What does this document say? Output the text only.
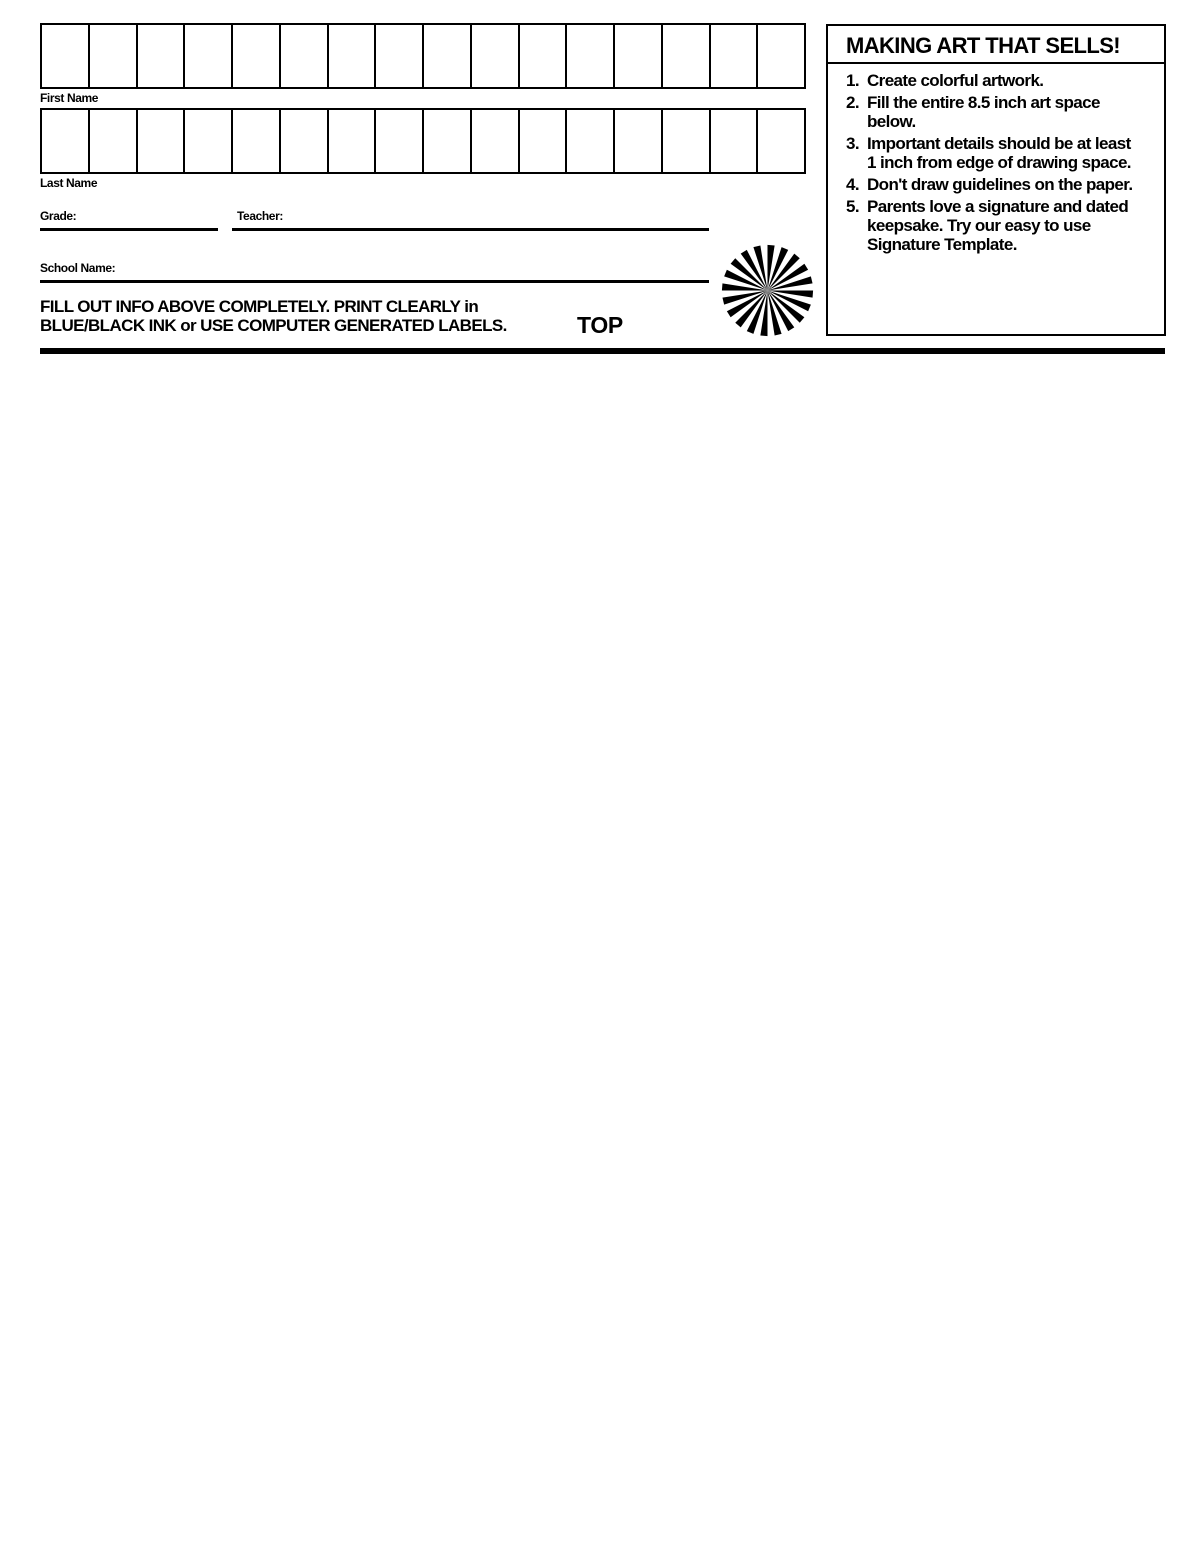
First Name
Last Name
Grade:	Teacher:
School Name:
FILL OUT INFO ABOVE COMPLETELY. PRINT CLEARLY in
BLUE/BLACK INK or USE COMPUTER GENERATED LABELS.	TOP
MAKING ART THAT SELLS!
1. Create colorful artwork.
2. Fill the entire 8.5 inch art space below.
3. Important details should be at least 1 inch from edge of drawing space.
4. Don't draw guidelines on the paper.
5. Parents love a signature and dated keepsake. Try our easy to use Signature Template.
